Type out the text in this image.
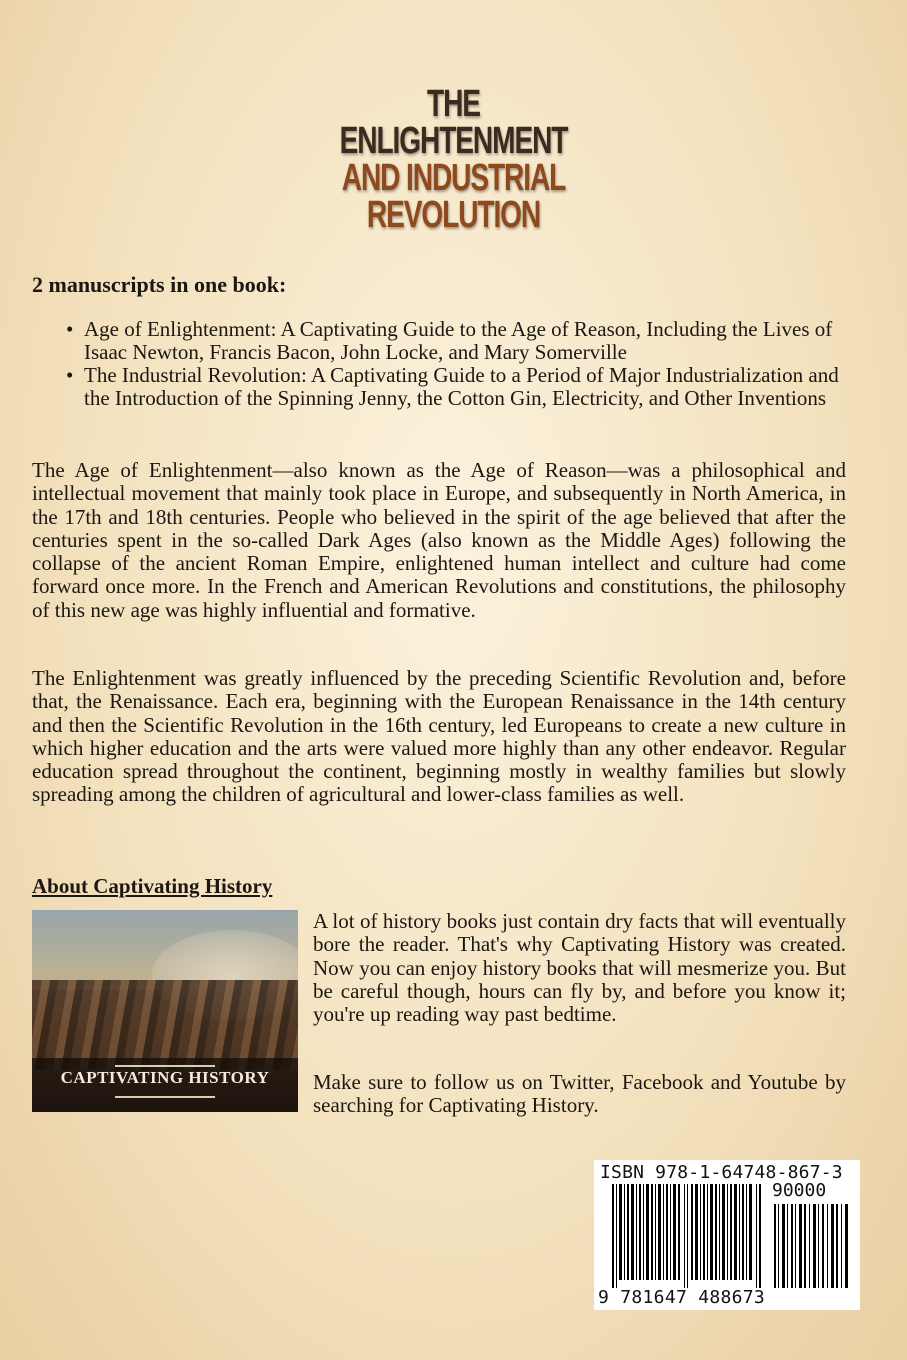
THE
ENLIGHTENMENT
AND INDUSTRIAL
REVOLUTION
2 manuscripts in one book:
• Age of Enlightenment: A Captivating Guide to the Age of Reason, Including the Lives of Isaac Newton, Francis Bacon, John Locke, and Mary Somerville
• The Industrial Revolution: A Captivating Guide to a Period of Major Industrialization and the Introduction of the Spinning Jenny, the Cotton Gin, Electricity, and Other Inventions

The Age of Enlightenment—also known as the Age of Reason—was a philosophical and intellectual movement that mainly took place in Europe, and subsequently in North America, in the 17th and 18th centuries. People who believed in the spirit of the age believed that after the centuries spent in the so-called Dark Ages (also known as the Middle Ages) following the collapse of the ancient Roman Empire, enlightened human intellect and culture had come forward once more. In the French and American Revolutions and constitutions, the philosophy of this new age was highly influential and formative.

The Enlightenment was greatly influenced by the preceding Scientific Revolution and, before that, the Renaissance. Each era, beginning with the European Renaissance in the 14th century and then the Scientific Revolution in the 16th century, led Europeans to create a new culture in which higher education and the arts were valued more highly than any other endeavor. Regular education spread throughout the continent, beginning mostly in wealthy families but slowly spreading among the children of agricultural and lower-class families as well.

About Captivating History
CAPTIVATING HISTORY

A lot of history books just contain dry facts that will eventually bore the reader. That's why Captivating History was created. Now you can enjoy history books that will mesmerize you. But be careful though, hours can fly by, and before you know it; you're up reading way past bedtime.

Make sure to follow us on Twitter, Facebook and Youtube by searching for Captivating History.

ISBN 978-1-64748-867-3
90000
9 781647 488673
